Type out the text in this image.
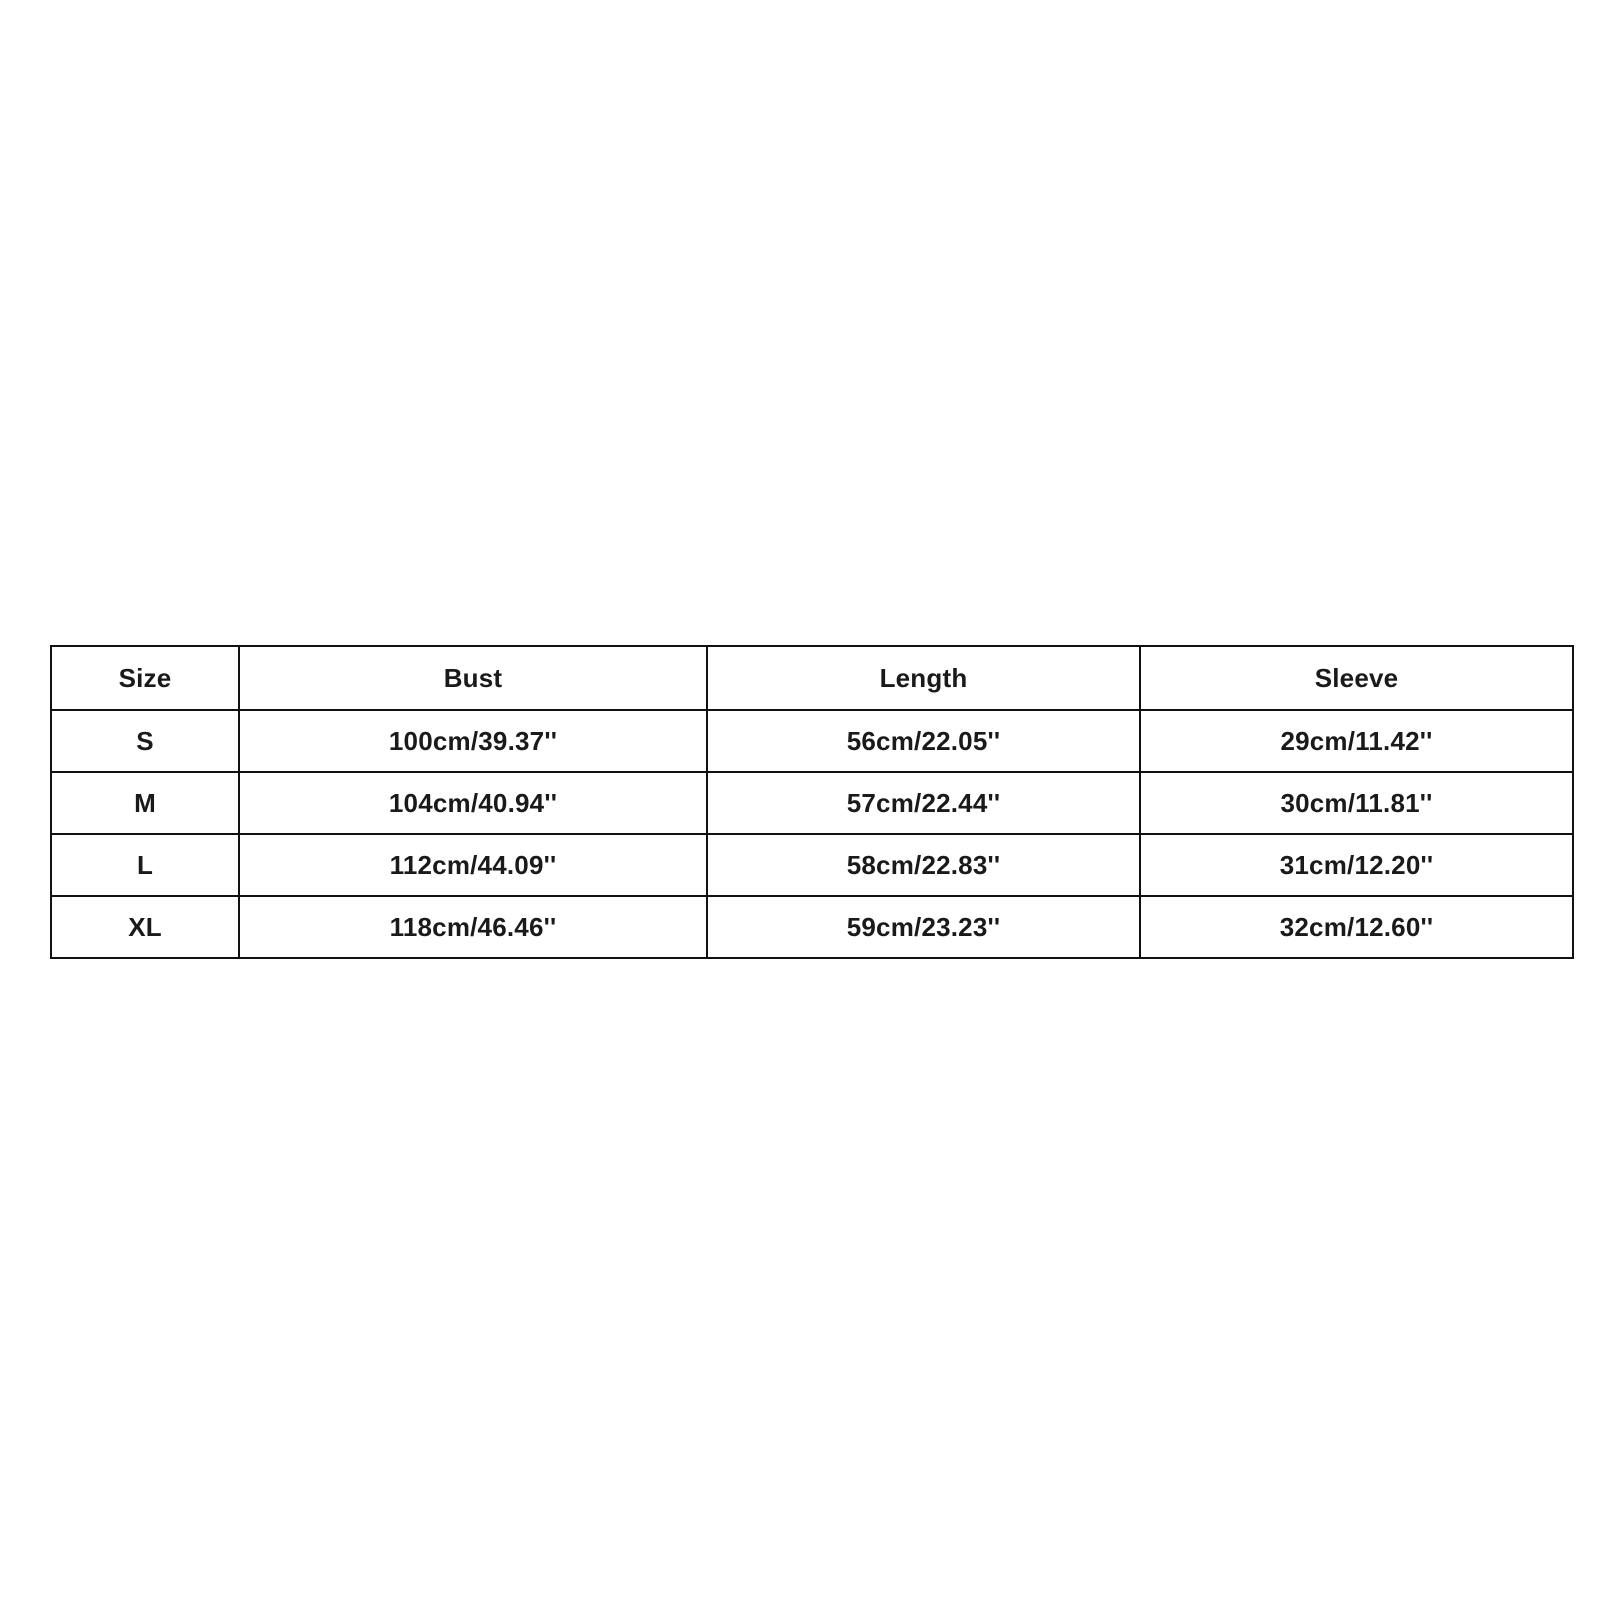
Size	Bust	Length	Sleeve
S	100cm/39.37''	56cm/22.05''	29cm/11.42''
M	104cm/40.94''	57cm/22.44''	30cm/11.81''
L	112cm/44.09''	58cm/22.83''	31cm/12.20''
XL	118cm/46.46''	59cm/23.23''	32cm/12.60''
